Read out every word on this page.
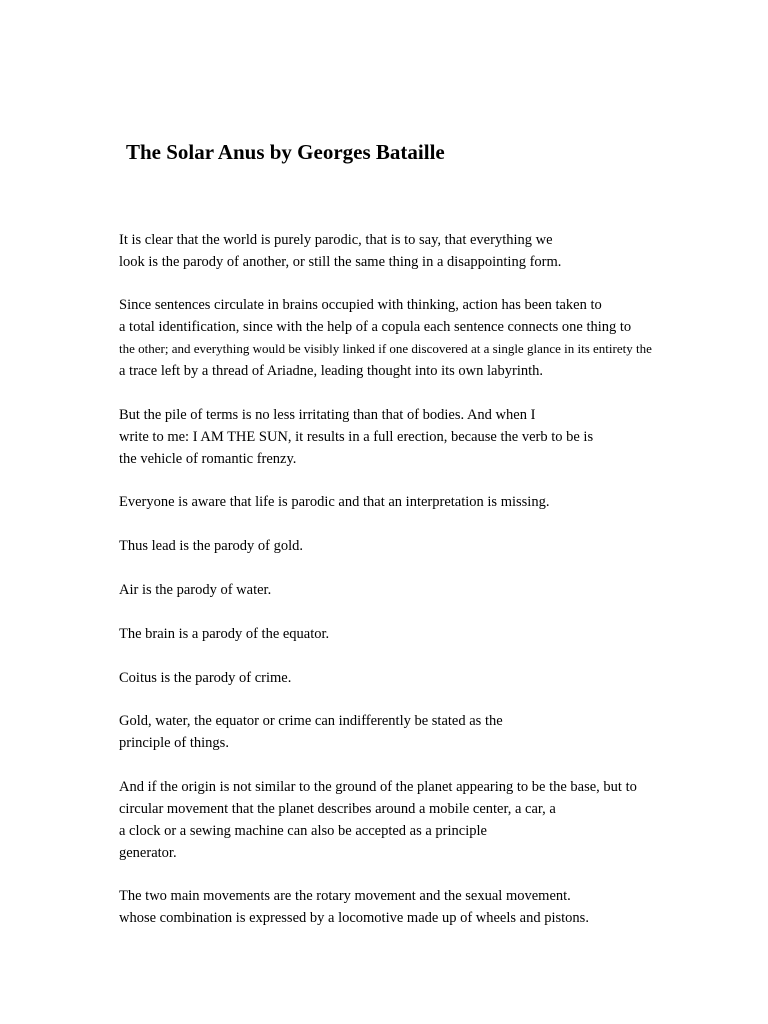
The Solar Anus by Georges Bataille

It is clear that the world is purely parodic, that is to say, that everything we

look is the parody of another, or still the same thing in a disappointing form.

Since sentences circulate in brains occupied with thinking, action has been taken to

a total identification, since with the help of a copula each sentence connects one thing to

the other; and everything would be visibly linked if one discovered at a single glance in its entirety the

a trace left by a thread of Ariadne, leading thought into its own labyrinth.

But the pile of terms is no less irritating than that of bodies. And when I

write to me: I AM THE SUN, it results in a full erection, because the verb to be is

the vehicle of romantic frenzy.

Everyone is aware that life is parodic and that an interpretation is missing.

Thus lead is the parody of gold.

Air is the parody of water.

The brain is a parody of the equator.

Coitus is the parody of crime.

Gold, water, the equator or crime can indifferently be stated as the

principle of things.

And if the origin is not similar to the ground of the planet appearing to be the base, but to

circular movement that the planet describes around a mobile center, a car, a

a clock or a sewing machine can also be accepted as a principle

generator.

The two main movements are the rotary movement and the sexual movement.

whose combination is expressed by a locomotive made up of wheels and pistons.
